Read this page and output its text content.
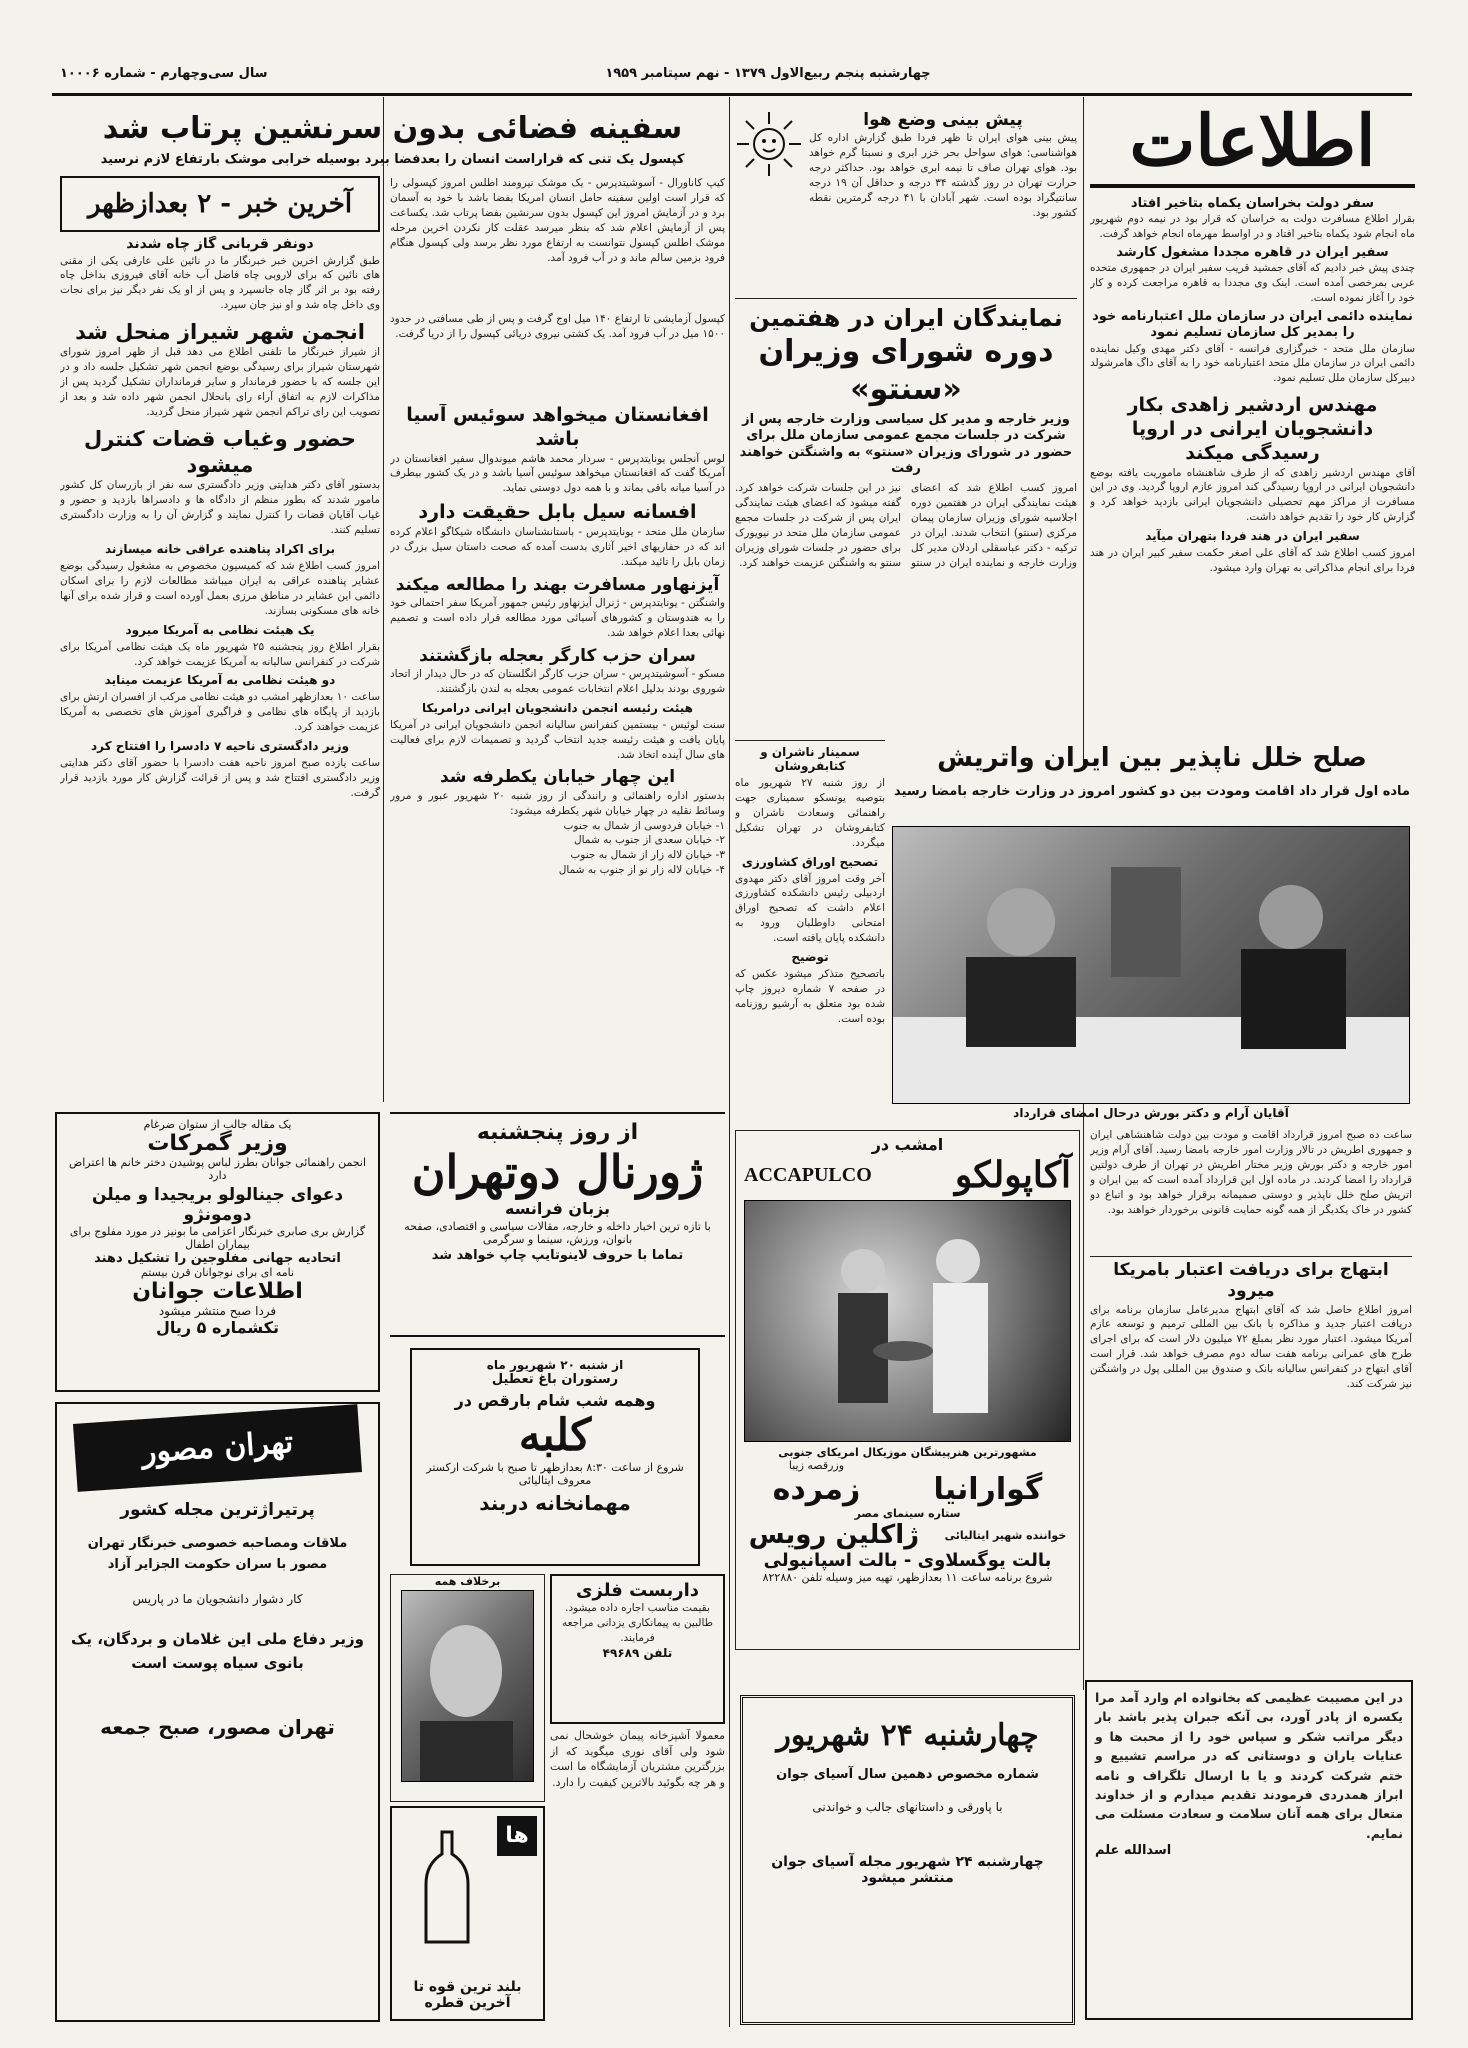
چهارشنبه پنجم ربیع‌الاول ۱۳۷۹ - نهم سپتامبر ۱۹۵۹
سال سی‌وچهارم - شماره ۱۰۰۰۶
اطلاعات
سفر دولت بخراسان یکماه بتاخیر افتاد
بقرار اطلاع مسافرت دولت به خراسان که قرار بود در نیمه دوم شهریور ماه انجام شود یکماه بتاخیر افتاد و در اواسط مهرماه انجام خواهد گرفت.
سفیر ایران در قاهره مجددا مشغول کارشد
چندی پیش خبر دادیم که آقای جمشید قریب سفیر ایران در جمهوری متحده عربی بمرخصی آمده است. اینک وی مجددا به قاهره مراجعت کرده و کار خود را آغاز نموده است.
نماینده دائمی ایران در سازمان ملل اعتبارنامه خود را بمدیر کل سازمان تسلیم نمود
سازمان ملل متحد - خبرگزاری فرانسه - آقای دکتر مهدی وکیل نماینده دائمی ایران در سازمان ملل متحد اعتبارنامه خود را به آقای داگ هامرشولد دبیرکل سازمان ملل تسلیم نمود.
مهندس اردشیر زاهدی بکار دانشجویان ایرانی در اروپا رسیدگی میکند
آقای مهندس اردشیر زاهدی که از طرف شاهنشاه ماموریت یافته بوضع دانشجویان ایرانی در اروپا رسیدگی کند امروز عازم اروپا گردید. وی در این مسافرت از مراکز مهم تحصیلی دانشجویان ایرانی بازدید خواهد کرد و گزارش کار خود را تقدیم خواهد داشت.
سفیر ایران در هند فردا بتهران میآید
امروز کسب اطلاع شد که آقای علی اصغر حکمت سفیر کبیر ایران در هند فردا برای انجام مذاکراتی به تهران وارد میشود.
پیش بینی وضع هوا
پیش بینی هوای ایران تا ظهر فردا طبق گزارش اداره کل هواشناسی: هوای سواحل بحر خزر ابری و نسبتا گرم خواهد بود. هوای تهران صاف تا نیمه ابری خواهد بود. حداکثر درجه حرارت تهران در روز گذشته ۳۴ درجه و حداقل آن ۱۹ درجه سانتیگراد بوده است. شهر آبادان با ۴۱ درجه گرمترین نقطه کشور بود.
نمایندگان ایران در هفتمین
دوره شورای وزیران «سنتو»
وزیر خارجه و مدیر کل سیاسی وزارت خارجه پس از شرکت در جلسات مجمع عمومی سازمان ملل برای حضور در شورای وزیران «سنتو» به واشنگتن خواهند رفت
امروز کسب اطلاع شد که اعضای هیئت نمایندگی ایران در هفتمین دوره اجلاسیه شورای وزیران سازمان پیمان مرکزی (سنتو) انتخاب شدند. ایران در ترکیه - دکتر عباسقلی اردلان مدیر کل وزارت خارجه و نماینده ایران در سنتو نیز در این جلسات شرکت خواهد کرد. گفته میشود که اعضای هیئت نمایندگی ایران پس از شرکت در جلسات مجمع عمومی سازمان ملل متحد در نیویورک برای حضور در جلسات شورای وزیران سنتو به واشنگتن عزیمت خواهند کرد.
سمینار ناشران و کتابفروشان
از روز شنبه ۲۷ شهریور ماه بتوصیه یونسکو سمیناری جهت راهنمائی وسعادت ناشران و کتابفروشان در تهران تشکیل میگردد.
تصحیح اوراق کشاورزی
آخر وقت امروز آقای دکتر مهدوی اردبیلی رئیس دانشکده کشاورزی اعلام داشت که تصحیح اوراق امتحانی داوطلبان ورود به دانشکده پایان یافته است.
توضیح
باتصحیح متذکر میشود عکس که در صفحه ۷ شماره دیروز چاپ شده بود متعلق به آرشیو روزنامه بوده است.
صلح خلل ناپذیر بین ایران واتریش
ماده اول قرار داد اقامت ومودت بین دو کشور امروز در وزارت خارجه بامضا رسید
آقایان آرام و دکتر بورش درحال امضای قرارداد
ساعت ده صبح امروز قرارداد اقامت و مودت بین دولت شاهنشاهی ایران و جمهوری اطریش در تالار وزارت امور خارجه بامضا رسید. آقای آرام وزیر امور خارجه و دکتر بورش وزیر مختار اطریش در تهران از طرف دولتین قرارداد را امضا کردند. در ماده اول این قرارداد آمده است که بین ایران و اتریش صلح خلل ناپذیر و دوستی صمیمانه برقرار خواهد بود و اتباع دو کشور در خاک یکدیگر از همه گونه حمایت قانونی برخوردار خواهند بود.
ابتهاج برای دریافت اعتبار بامریکا میرود
امروز اطلاع حاصل شد که آقای ابتهاج مدیرعامل سازمان برنامه برای دریافت اعتبار جدید و مذاکره با بانک بین المللی ترمیم و توسعه عازم آمریکا میشود. اعتبار مورد نظر بمبلغ ۷۲ میلیون دلار است که برای اجرای طرح های عمرانی برنامه هفت ساله دوم مصرف خواهد شد. قرار است آقای ابتهاج در کنفرانس سالیانه بانک و صندوق بین المللی پول در واشنگتن نیز شرکت کند.
در این مصیبت عظیمی که بخانواده ام وارد آمد مرا یکسره از پادر آورد، بی آنکه جبران پذیر باشد بار دیگر مراتب شکر و سپاس خود را از محبت ها و عنایات یاران و دوستانی که در مراسم تشییع و ختم شرکت کردند و یا با ارسال تلگراف و نامه ابراز همدردی فرمودند تقدیم میدارم و از خداوند متعال برای همه آنان سلامت و سعادت مسئلت می نمایم.
اسدالله علم
امشب در
آکاپولکو
ACCAPULCO
مشهورترین هنرپیشگان موزیکال امریکای جنوبی
گوارانیا
وزرقصه زیبا
زمرده
ستاره سینمای مصر
خواننده شهیر ایتالیائی
ژاکلین رویس
بالت یوگسلاوی - بالت اسپانیولی
شروع برنامه ساعت ۱۱ بعدازظهر، تهیه میز وسیله تلفن ۸۲۲۸۸۰
چهارشنبه ۲۴ شهریور
شماره مخصوص دهمین سال آسیای جوان
با پاورقی و داستانهای جالب و خواندنی
چهارشنبه ۲۴ شهریور مجله آسیای جوان منتشر میشود
سفینه فضائی بدون سرنشین پرتاب شد
کپسول یک تنی که قراراست انسان را بعدفضا ببرد بوسیله خرابی موشک بارتفاع لازم نرسید
کیپ کاناورال - آسوشیتدپرس - یک موشک نیرومند اطلس امروز کپسولی را که قرار است اولین سفینه حامل انسان امریکا بفضا باشد با خود به آسمان برد و در آزمایش امروز این کپسول بدون سرنشین بفضا پرتاب شد. یکساعت پس از آزمایش اعلام شد که بنظر میرسد عقلت کار نکردن اخرین مرحله موشک اطلس کپسول نتوانست به ارتفاع مورد نظر برسد ولی کپسول هنگام فرود بزمین سالم ماند و در آب فرود آمد.
کپسول آزمایشی تا ارتفاع ۱۴۰ میل اوج گرفت و پس از طی مسافتی در حدود ۱۵۰۰ میل در آب فرود آمد. یک کشتی نیروی دریائی کپسول را از دریا گرفت.
آخرین خبر - ۲ بعدازظهر
دونفر قربانی گاز چاه شدند
طبق گزارش اخرین خبر خبرنگار ما در نائین علی عارفی یکی از مقنی های نائین که برای لاروبی چاه فاضل آب خانه آقای فیروزی بداخل چاه رفته بود بر اثر گاز چاه جانسپرد و پس از او یک نفر دیگر نیز برای نجات وی داخل چاه شد و او نیز جان سپرد.
انجمن شهر شیراز منحل شد
از شیراز خبرنگار ما تلفنی اطلاع می دهد قبل از ظهر امروز شورای شهرستان شیراز برای رسیدگی بوضع انجمن شهر تشکیل جلسه داد و در این جلسه که با حضور فرماندار و سایر فرمانداران تشکیل گردید پس از مذاکرات لازم به اتفاق آراء رای بانحلال انجمن شهر داده شد و بعد از تصویب این رای تراکم انجمن شهر شیراز منحل گردید.
حضور وغیاب قضات کنترل میشود
بدستور آقای دکتر هدایتی وزیر دادگستری سه نفر از بازرسان کل کشور مامور شدند که بطور منظم از دادگاه ها و دادسراها بازدید و حضور و غیاب آقایان قضات را کنترل نمایند و گزارش آن را به وزارت دادگستری تسلیم کنند.
برای اکراد پناهنده عراقی خانه میسازند
امروز کسب اطلاع شد که کمیسیون مخصوص به مشغول رسیدگی بوضع عشایر پناهنده عراقی به ایران میباشد مطالعات لازم را برای اسکان دائمی این عشایر در مناطق مرزی بعمل آورده است و قرار شده برای آنها خانه های مسکونی بسازند.
یک هیئت نظامی به آمریکا میرود
بقرار اطلاع روز پنجشنبه ۲۵ شهریور ماه یک هیئت نظامی آمریکا برای شرکت در کنفرانس سالیانه به آمریکا عزیمت خواهد کرد.
دو هیئت نظامی به آمریکا عزیمت میناید
ساعت ۱۰ بعدازظهر امشب دو هیئت نظامی مرکب از افسران ارتش برای بازدید از پایگاه های نظامی و فراگیری آموزش های تخصصی به آمریکا عزیمت خواهند کرد.
وزیر دادگستری ناحیه ۷ دادسرا را افتتاح کرد
ساعت یازده صبح امروز ناحیه هفت دادسرا با حضور آقای دکتر هدایتی وزیر دادگستری افتتاح شد و پس از قرائت گزارش کار مورد بازدید قرار گرفت.
افغانستان میخواهد سوئیس آسیا باشد
لوس آنجلس یونایتدپرس - سردار محمد هاشم میوندوال سفیر افغانستان در آمریکا گفت که افغانستان میخواهد سوئیس آسیا باشد و در یک کشور بیطرف در آسیا میانه باقی بماند و با همه دول دوستی نماید.
افسانه سیل بابل حقیقت دارد
سازمان ملل متحد - یونایتدپرس - باستانشناسان دانشگاه شیکاگو اعلام کرده اند که در حفاریهای اخیر آثاری بدست آمده که صحت داستان سیل بزرگ در زمان بابل را تائید میکند.
آیزنهاور مسافرت بهند را مطالعه میکند
واشنگتن - یونایتدپرس - ژنرال آیزنهاور رئیس جمهور آمریکا سفر احتمالی خود را به هندوستان و کشورهای آسیائی مورد مطالعه قرار داده است و تصمیم نهائی بعدا اعلام خواهد شد.
سران حزب کارگر بعجله بازگشتند
مسکو - آسوشیتدپرس - سران حزب کارگر انگلستان که در حال دیدار از اتحاد شوروی بودند بدلیل اعلام انتخابات عمومی بعجله به لندن بازگشتند.
هیئت رئیسه انجمن دانشجویان ایرانی درامریکا
سنت لوئیس - بیستمین کنفرانس سالیانه انجمن دانشجویان ایرانی در آمریکا پایان یافت و هیئت رئیسه جدید انتخاب گردید و تصمیمات لازم برای فعالیت های سال آینده اتخاذ شد.
این چهار خیابان یکطرفه شد
بدستور اداره راهنمائی و رانندگی از روز شنبه ۲۰ شهریور عبور و مرور وسائط نقلیه در چهار خیابان شهر یکطرفه میشود:
۱- خیابان فردوسی از شمال به جنوب
۲- خیابان سعدی از جنوب به شمال
۳- خیابان لاله زار از شمال به جنوب
۴- خیابان لاله زار نو از جنوب به شمال
از روز پنجشنبه
ژورنال دوتهران
بزبان فرانسه
با تازه ترین اخبار داخله و خارجه، مقالات سیاسی و اقتصادی، صفحه بانوان، ورزش، سینما و سرگرمی
تماما با حروف لاینوتایپ چاپ خواهد شد
از شنبه ۲۰ شهریور ماه
رستوران باغ تعطیل
وهمه شب شام بارقص در
کلبه
شروع از ساعت ۸:۳۰ بعدازظهر تا صبح با شرکت ارکستر معروف ایتالیائی
مهمانخانه دربند
داربست فلزی
بقیمت مناسب اجاره داده میشود. طالبین به پیمانکاری یزدانی مراجعه فرمایند.
تلفن ۴۹۶۸۹
برخلاف همه
معمولا آشپزخانه پیمان خوشحال نمی شود ولی آقای نوری میگوید که از بزرگترین مشتریان آزمایشگاه ما است و هر چه بگوئید بالاترین کیفیت را دارد.
ها
بلند ترین قوه تا آخرین قطره
یک مقاله جالب از ستوان ضرغام
وزیر گمرکات
انجمن راهنمائی جوانان بطرز لباس پوشیدن دختر خانم ها اعتراض دارد
دعوای جینالولو بریجیدا و میلن دومونژو
گزارش بری صابری خبرنگار اعزامی ما بونیز در مورد مفلوج برای بیماران اطفال
اتحادیه جهانی مفلوجین را تشکیل دهند
نامه ای برای نوجوانان قرن بیستم
اطلاعات جوانان
فردا صبح منتشر میشود
تکشماره ۵ ریال
تهران مصور
پرتیراژترین مجله کشور
ملاقات ومصاحبه خصوصی خبرنگار تهران مصور با سران حکومت الجزایر آزاد
کار دشوار دانشجویان ما در پاریس
وزیر دفاع ملی این غلامان و بردگان، یک بانوی سیاه پوست است
تهران مصور، صبح جمعه
